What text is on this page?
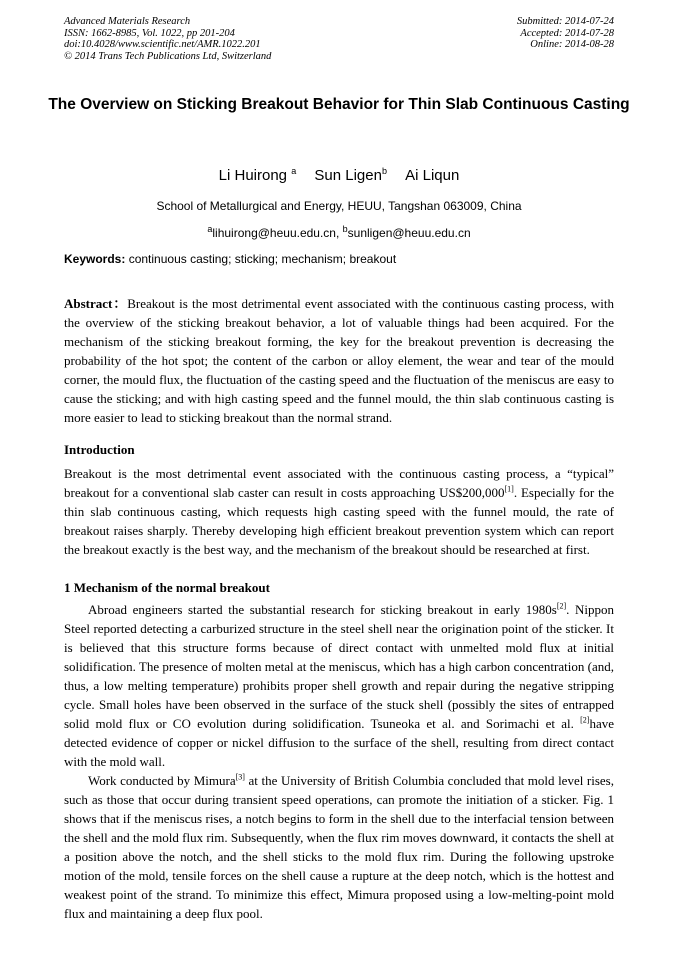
Advanced Materials Research
ISSN: 1662-8985, Vol. 1022, pp 201-204
doi:10.4028/www.scientific.net/AMR.1022.201
© 2014 Trans Tech Publications Ltd, Switzerland
Submitted: 2014-07-24
Accepted: 2014-07-28
Online: 2014-08-28
The Overview on Sticking Breakout Behavior for Thin Slab Continuous Casting
Li Huirong $^a$ Sun Ligen$^b$ Ai Liqun
School of Metallurgical and Energy, HEUU, Tangshan 063009, China
$^a$lihuirong@heuu.edu.cn, $^b$sunligen@heuu.edu.cn
Keywords: continuous casting; sticking; mechanism; breakout

Abstract：Breakout is the most detrimental event associated with the continuous casting process, with the overview of the sticking breakout behavior, a lot of valuable things had been acquired. For the mechanism of the sticking breakout forming, the key for the breakout prevention is decreasing the probability of the hot spot; the content of the carbon or alloy element, the wear and tear of the mould corner, the mould flux, the fluctuation of the casting speed and the fluctuation of the meniscus are easy to cause the sticking; and with high casting speed and the funnel mould, the thin slab continuous casting is more easier to lead to sticking breakout than the normal strand.

Introduction

Breakout is the most detrimental event associated with the continuous casting process, a “typical” breakout for a conventional slab caster can result in costs approaching US$200,000[1]. Especially for the thin slab continuous casting, which requests high casting speed with the funnel mould, the rate of breakout raises sharply. Thereby developing high efficient breakout prevention system which can report the breakout exactly is the best way, and the mechanism of the breakout should be researched at first.

1 Mechanism of the normal breakout

Abroad engineers started the substantial research for sticking breakout in early 1980s[2]. Nippon Steel reported detecting a carburized structure in the steel shell near the origination point of the sticker. It is believed that this structure forms because of direct contact with unmelted mold flux at initial solidification. The presence of molten metal at the meniscus, which has a high carbon concentration (and, thus, a low melting temperature) prohibits proper shell growth and repair during the negative stripping cycle. Small holes have been observed in the surface of the stuck shell (possibly the sites of entrapped solid mold flux or CO evolution during solidification. Tsuneoka et al. and Sorimachi et al. [2]have detected evidence of copper or nickel diffusion to the surface of the shell, resulting from direct contact with the mold wall.

Work conducted by Mimura[3] at the University of British Columbia concluded that mold level rises, such as those that occur during transient speed operations, can promote the initiation of a sticker. Fig. 1 shows that if the meniscus rises, a notch begins to form in the shell due to the interfacial tension between the shell and the mold flux rim. Subsequently, when the flux rim moves downward, it contacts the shell at a position above the notch, and the shell sticks to the mold flux rim. During the following upstroke motion of the mold, tensile forces on the shell cause a rupture at the deep notch, which is the hottest and weakest point of the strand. To minimize this effect, Mimura proposed using a low-melting-point mold flux and maintaining a deep flux pool.
